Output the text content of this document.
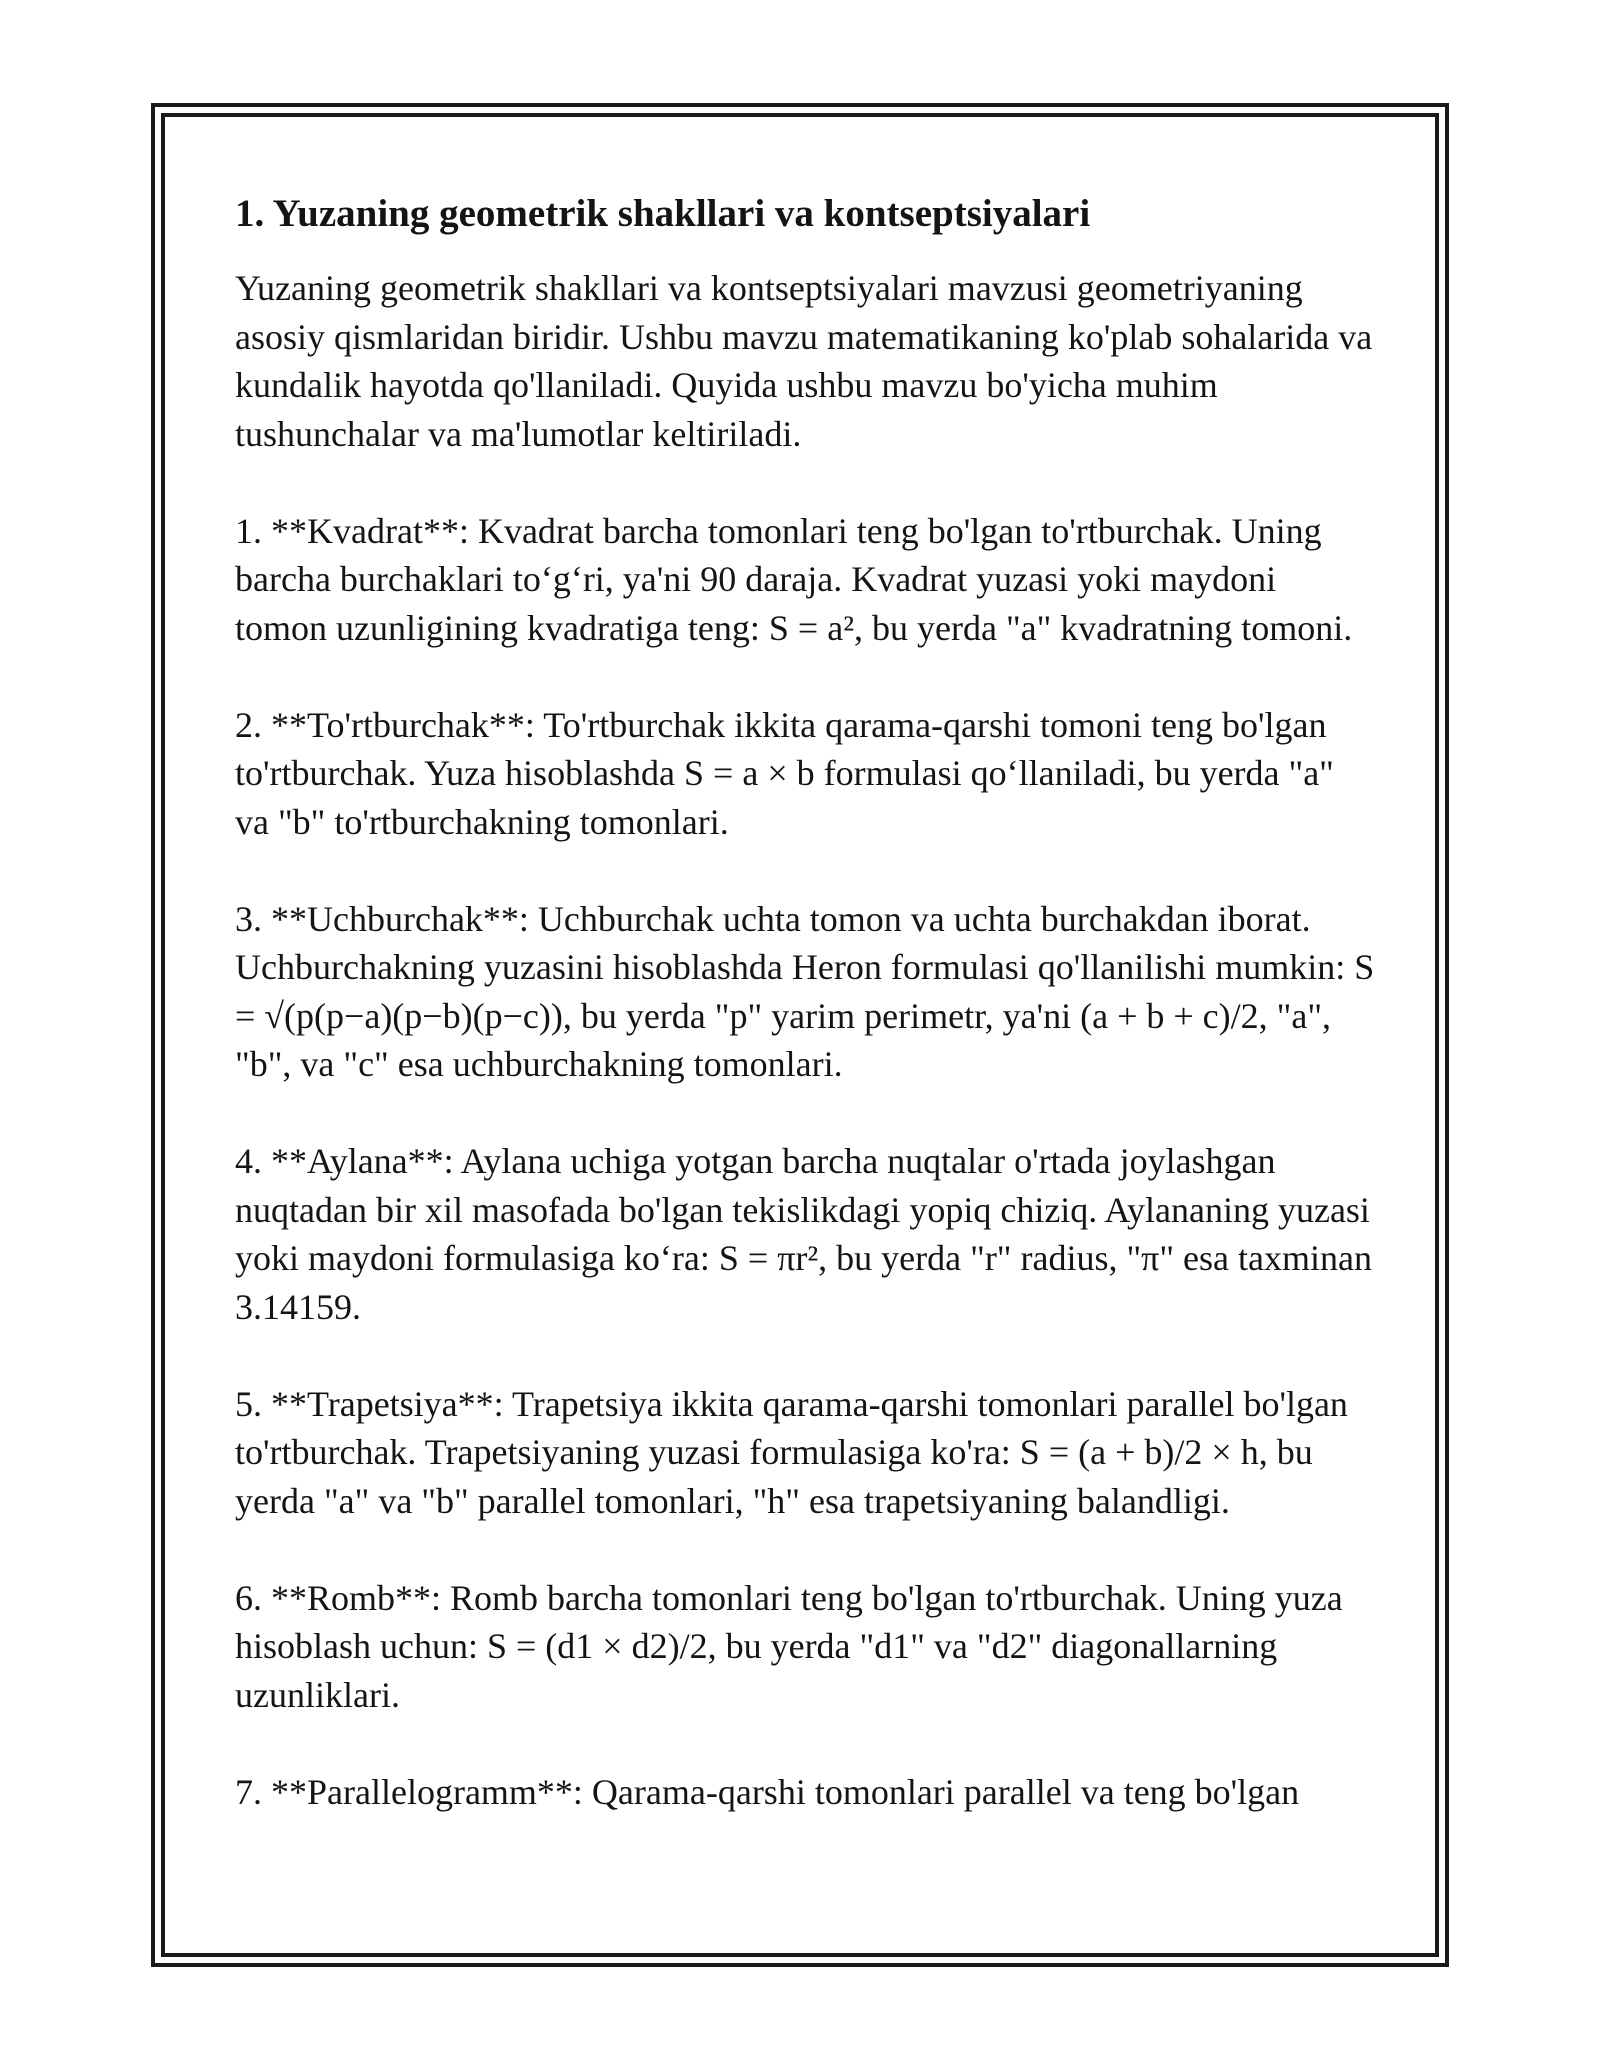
1. Yuzaning geometrik shakllari va kontseptsiyalari

Yuzaning geometrik shakllari va kontseptsiyalari mavzusi geometriyaning asosiy qismlaridan biridir. Ushbu mavzu matematikaning ko'plab sohalarida va kundalik hayotda qo'llaniladi. Quyida ushbu mavzu bo'yicha muhim tushunchalar va ma'lumotlar keltiriladi.

1. **Kvadrat**: Kvadrat barcha tomonlari teng bo'lgan to'rtburchak. Uning barcha burchaklari to‘g‘ri, ya'ni 90 daraja. Kvadrat yuzasi yoki maydoni tomon uzunligining kvadratiga teng: S = a², bu yerda "a" kvadratning tomoni.

2. **To'rtburchak**: To'rtburchak ikkita qarama-qarshi tomoni teng bo'lgan to'rtburchak. Yuza hisoblashda S = a × b formulasi qo‘llaniladi, bu yerda "a" va "b" to'rtburchakning tomonlari.

3. **Uchburchak**: Uchburchak uchta tomon va uchta burchakdan iborat. Uchburchakning yuzasini hisoblashda Heron formulasi qo'llanilishi mumkin: S = √(p(p−a)(p−b)(p−c)), bu yerda "p" yarim perimetr, ya'ni (a + b + c)/2, "a", "b", va "c" esa uchburchakning tomonlari.

4. **Aylana**: Aylana uchiga yotgan barcha nuqtalar o'rtada joylashgan nuqtadan bir xil masofada bo'lgan tekislikdagi yopiq chiziq. Aylananing yuzasi yoki maydoni formulasiga ko‘ra: S = πr², bu yerda "r" radius, "π" esa taxminan 3.14159.

5. **Trapetsiya**: Trapetsiya ikkita qarama-qarshi tomonlari parallel bo'lgan to'rtburchak. Trapetsiyaning yuzasi formulasiga ko'ra: S = (a + b)/2 × h, bu yerda "a" va "b" parallel tomonlari, "h" esa trapetsiyaning balandligi.

6. **Romb**: Romb barcha tomonlari teng bo'lgan to'rtburchak. Uning yuza hisoblash uchun: S = (d1 × d2)/2, bu yerda "d1" va "d2" diagonallarning uzunliklari.

7. **Parallelogramm**: Qarama-qarshi tomonlari parallel va teng bo'lgan
